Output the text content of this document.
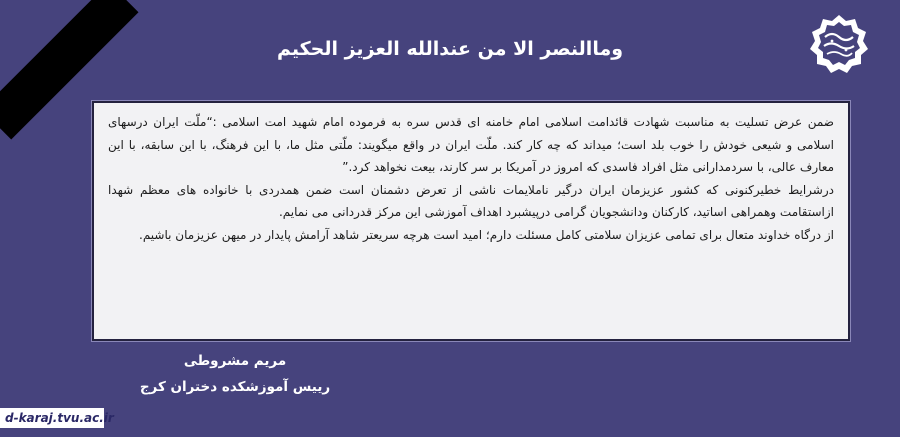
وماالنصر الا من عندالله العزیز الحکیم

ضمن عرض تسلیت به مناسبت شهادت قائدامت اسلامی امام خامنه ای قدس سره به فرموده امام شهید امت اسلامی :“ملّت ایران درسهای اسلامی و شیعی خودش را خوب بلد است؛ میداند که چه کار کند. ملّت ایران در واقع میگویند: ملّتی مثل ما، با این فرهنگ، با این سابقه، با این معارف عالی، با سردمدارانی مثل افراد فاسدی که امروز در آمریکا بر سر کارند، بیعت نخواهد کرد.”

درشرایط خطیرکنونی که کشور عزیزمان ایران درگیر ناملایمات ناشی از تعرض دشمنان است ضمن همدردی با خانواده های معظم شهدا ازاستقامت وهمراهی اساتید، کارکنان ودانشجویان گرامی درپیشبرد اهداف آموزشی این مرکز قدردانی می نمایم.

از درگاه خداوند متعال برای تمامی عزیزان سلامتی کامل مسئلت دارم؛ امید است هرچه سریعتر شاهد آرامش پایدار در میهن عزیزمان باشیم.

مریم مشروطی
رییس آموزشکده دختران کرج
d-karaj.tvu.ac.ir
